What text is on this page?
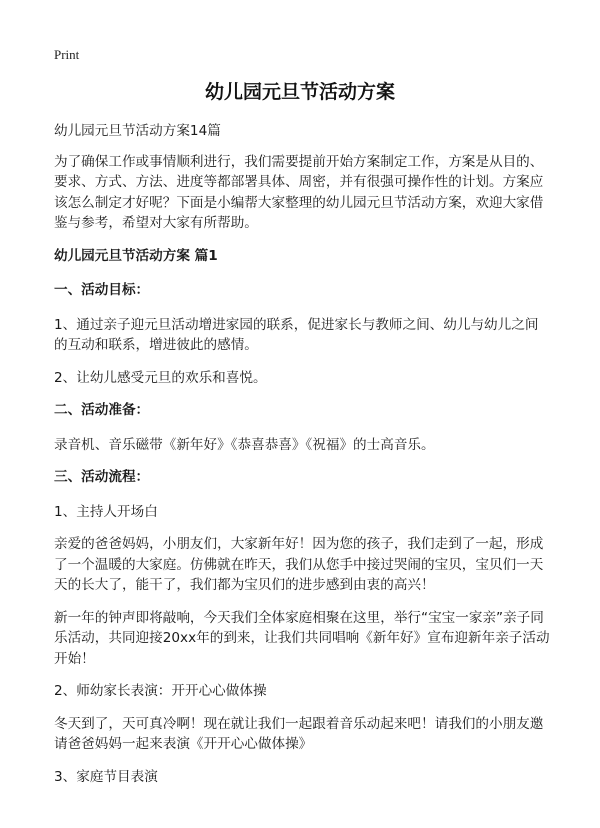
Print
幼儿园元旦节活动方案

幼儿园元旦节活动方案14篇

为了确保工作或事情顺利进行，我们需要提前开始方案制定工作，方案是从目的、要求、方式、方法、进度等都部署具体、周密，并有很强可操作性的计划。方案应该怎么制定才好呢？下面是小编帮大家整理的幼儿园元旦节活动方案，欢迎大家借鉴与参考，希望对大家有所帮助。

幼儿园元旦节活动方案 篇1

一、活动目标：

1、通过亲子迎元旦活动增进家园的联系，促进家长与教师之间、幼儿与幼儿之间的互动和联系，增进彼此的感情。

2、让幼儿感受元旦的欢乐和喜悦。

二、活动准备：

录音机、音乐磁带《新年好》《恭喜恭喜》《祝福》的士高音乐。

三、活动流程：

1、主持人开场白

亲爱的爸爸妈妈，小朋友们，大家新年好！因为您的孩子，我们走到了一起，形成了一个温暖的大家庭。仿佛就在昨天，我们从您手中接过哭闹的宝贝，宝贝们一天天的长大了，能干了，我们都为宝贝们的进步感到由衷的高兴！

新一年的钟声即将敲响，今天我们全体家庭相聚在这里，举行“宝宝一家亲”亲子同乐活动，共同迎接20xx年的到来，让我们共同唱响《新年好》宣布迎新年亲子活动开始！

2、师幼家长表演：开开心心做体操

冬天到了，天可真冷啊！现在就让我们一起跟着音乐动起来吧！请我们的小朋友邀请爸爸妈妈一起来表演《开开心心做体操》

3、家庭节目表演
